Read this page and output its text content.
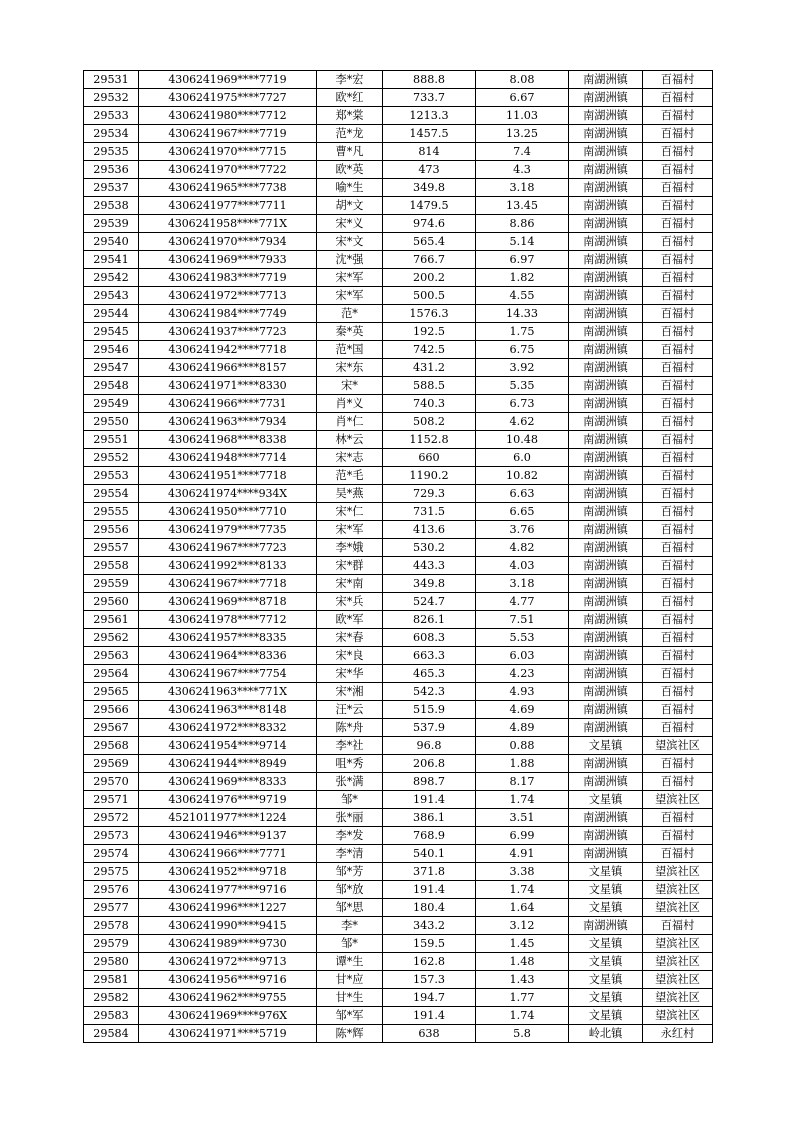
29531	4306241969****7719	李*宏	888.8	8.08	南湖洲镇	百福村
29532	4306241975****7727	欧*红	733.7	6.67	南湖洲镇	百福村
29533	4306241980****7712	郑*棠	1213.3	11.03	南湖洲镇	百福村
29534	4306241967****7719	范*龙	1457.5	13.25	南湖洲镇	百福村
29535	4306241970****7715	曹*凡	814	7.4	南湖洲镇	百福村
29536	4306241970****7722	欧*英	473	4.3	南湖洲镇	百福村
29537	4306241965****7738	喻*生	349.8	3.18	南湖洲镇	百福村
29538	4306241977****7711	胡*文	1479.5	13.45	南湖洲镇	百福村
29539	4306241958****771X	宋*义	974.6	8.86	南湖洲镇	百福村
29540	4306241970****7934	宋*文	565.4	5.14	南湖洲镇	百福村
29541	4306241969****7933	沈*强	766.7	6.97	南湖洲镇	百福村
29542	4306241983****7719	宋*军	200.2	1.82	南湖洲镇	百福村
29543	4306241972****7713	宋*军	500.5	4.55	南湖洲镇	百福村
29544	4306241984****7749	范*	1576.3	14.33	南湖洲镇	百福村
29545	4306241937****7723	秦*英	192.5	1.75	南湖洲镇	百福村
29546	4306241942****7718	范*国	742.5	6.75	南湖洲镇	百福村
29547	4306241966****8157	宋*东	431.2	3.92	南湖洲镇	百福村
29548	4306241971****8330	宋*	588.5	5.35	南湖洲镇	百福村
29549	4306241966****7731	肖*义	740.3	6.73	南湖洲镇	百福村
29550	4306241963****7934	肖*仁	508.2	4.62	南湖洲镇	百福村
29551	4306241968****8338	林*云	1152.8	10.48	南湖洲镇	百福村
29552	4306241948****7714	宋*志	660	6.0	南湖洲镇	百福村
29553	4306241951****7718	范*毛	1190.2	10.82	南湖洲镇	百福村
29554	4306241974****934X	吴*燕	729.3	6.63	南湖洲镇	百福村
29555	4306241950****7710	宋*仁	731.5	6.65	南湖洲镇	百福村
29556	4306241979****7735	宋*军	413.6	3.76	南湖洲镇	百福村
29557	4306241967****7723	李*娥	530.2	4.82	南湖洲镇	百福村
29558	4306241992****8133	宋*群	443.3	4.03	南湖洲镇	百福村
29559	4306241967****7718	宋*南	349.8	3.18	南湖洲镇	百福村
29560	4306241969****8718	宋*兵	524.7	4.77	南湖洲镇	百福村
29561	4306241978****7712	欧*军	826.1	7.51	南湖洲镇	百福村
29562	4306241957****8335	宋*春	608.3	5.53	南湖洲镇	百福村
29563	4306241964****8336	宋*良	663.3	6.03	南湖洲镇	百福村
29564	4306241967****7754	宋*华	465.3	4.23	南湖洲镇	百福村
29565	4306241963****771X	宋*湘	542.3	4.93	南湖洲镇	百福村
29566	4306241963****8148	汪*云	515.9	4.69	南湖洲镇	百福村
29567	4306241972****8332	陈*舟	537.9	4.89	南湖洲镇	百福村
29568	4306241954****9714	李*社	96.8	0.88	文星镇	望滨社区
29569	4306241944****8949	咀*秀	206.8	1.88	南湖洲镇	百福村
29570	4306241969****8333	张*满	898.7	8.17	南湖洲镇	百福村
29571	4306241976****9719	邹*	191.4	1.74	文星镇	望滨社区
29572	4521011977****1224	张*丽	386.1	3.51	南湖洲镇	百福村
29573	4306241946****9137	李*发	768.9	6.99	南湖洲镇	百福村
29574	4306241966****7771	李*清	540.1	4.91	南湖洲镇	百福村
29575	4306241952****9718	邹*芳	371.8	3.38	文星镇	望滨社区
29576	4306241977****9716	邹*放	191.4	1.74	文星镇	望滨社区
29577	4306241996****1227	邹*思	180.4	1.64	文星镇	望滨社区
29578	4306241990****9415	李*	343.2	3.12	南湖洲镇	百福村
29579	4306241989****9730	邹*	159.5	1.45	文星镇	望滨社区
29580	4306241972****9713	谭*生	162.8	1.48	文星镇	望滨社区
29581	4306241956****9716	甘*应	157.3	1.43	文星镇	望滨社区
29582	4306241962****9755	甘*生	194.7	1.77	文星镇	望滨社区
29583	4306241969****976X	邹*军	191.4	1.74	文星镇	望滨社区
29584	4306241971****5719	陈*辉	638	5.8	岭北镇	永红村
